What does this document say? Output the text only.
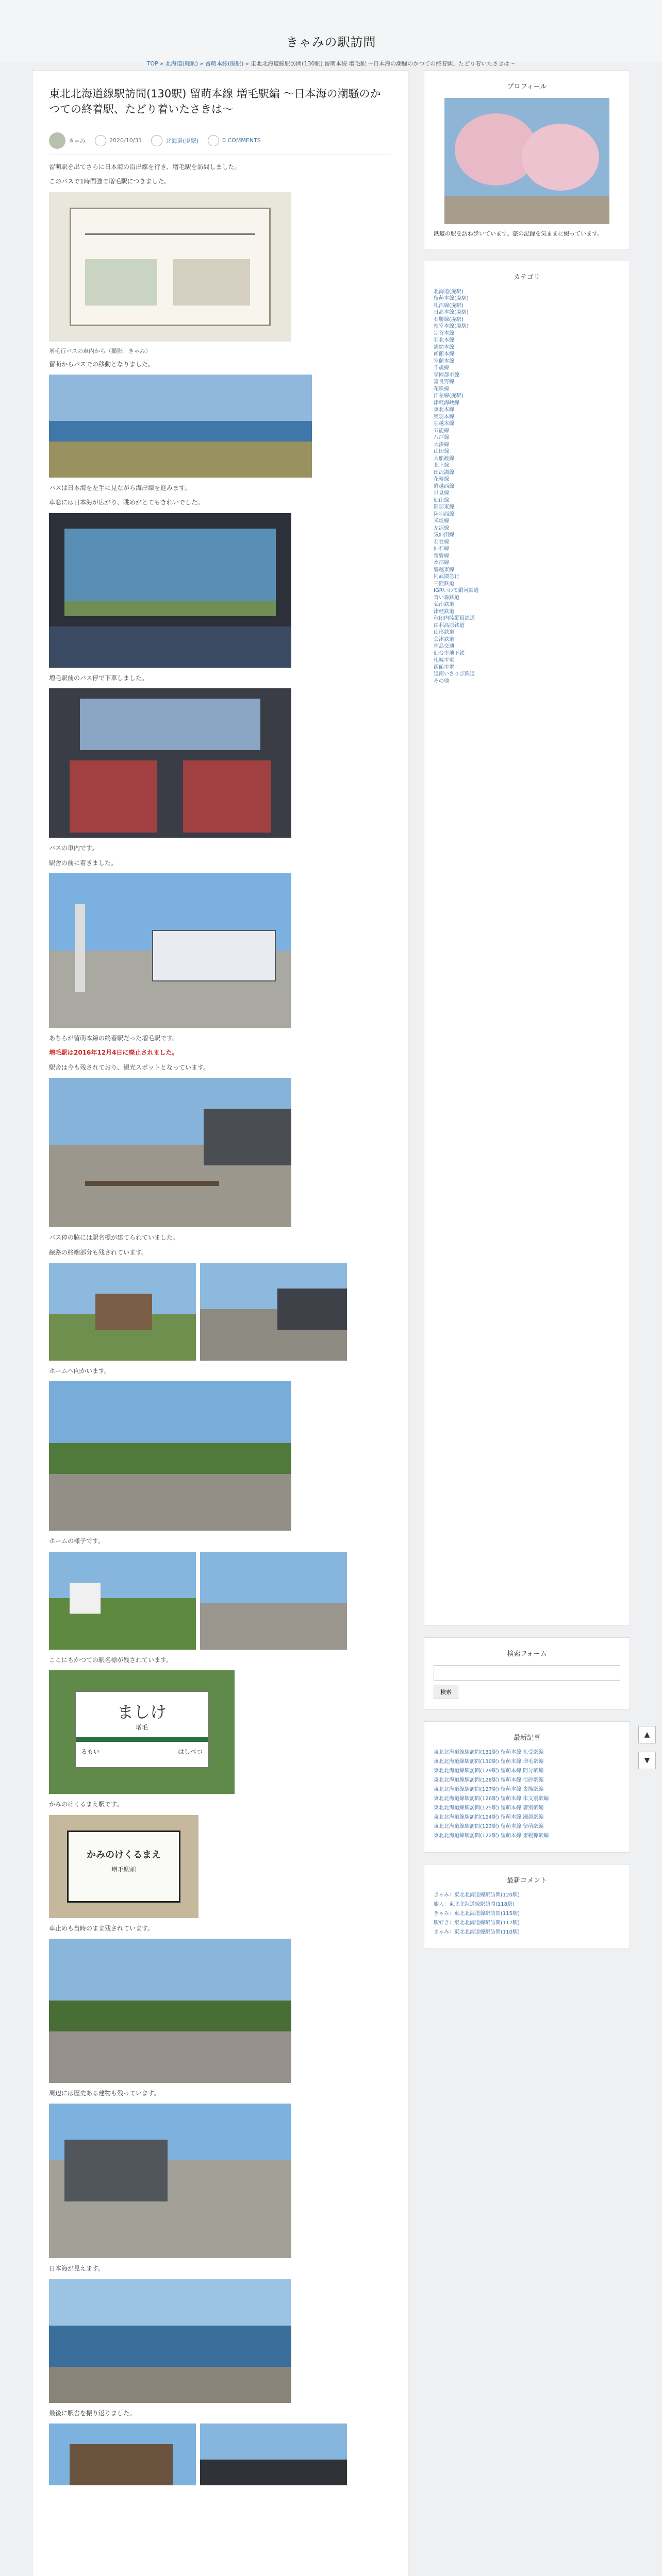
きゃみの駅訪問
TOP » 北海道(廃駅) » 留萌本線(廃駅) » 東北北海道線駅訪問(130駅) 留萌本線 増毛駅 ～日本海の潮騒のかつての終着駅、たどり着いたさきは～
東北北海道線駅訪問(130駅) 留萌本線 増毛駅編 ～日本海の潮騒のかつての終着駅、たどり着いたさきは～
きゃみ	2020/10/31	北海道(廃駅)	0 COMMENTS

留萌駅を出てさらに日本海の沿岸線を行き、増毛駅を訪問しました。

このバスで1時間強で増毛駅につきました。

増毛行バスの車内から（撮影：きゃみ）

留萌からバスでの移動となりました。

バスは日本海を左手に見ながら海岸線を進みます。

車窓には日本海が広がり、眺めがとてもきれいでした。

増毛駅前のバス停で下車しました。

バスの車内です。

駅舎の前に着きました。

あちらが留萌本線の終着駅だった増毛駅です。

増毛駅は2016年12月4日に廃止されました。

駅舎は今も残されており、観光スポットとなっています。

バス停の脇には駅名標が建てられていました。

線路の終端部分も残されています。

ホームへ向かいます。

ホームの様子です。

ここにもかつての駅名標が残されています。

ましけ
増毛
るもい	はしべつ

かみのけくるまえ駅です。

かみのけくるまえ
増毛駅前

車止めも当時のまま残されています。

周辺には歴史ある建物も残っています。

日本海が見えます。

最後に駅舎を振り返りました。

プロフィール

鉄道の駅を訪ね歩いています。旅の記録を気ままに綴っています。

カテゴリ
北海道(廃駅)
留萌本線(廃駅)
札沼線(廃駅)
日高本線(廃駅)
石勝線(廃駅)
根室本線(廃駅)
宗谷本線
石北本線
釧網本線
函館本線
室蘭本線
千歳線
学園都市線
富良野線
花咲線
江差線(廃駅)
津軽海峡線
東北本線
奥羽本線
羽越本線
五能線
八戸線
大湊線
山田線
大船渡線
北上線
田沢湖線
花輪線
磐越西線
只見線
仙山線
陸羽東線
陸羽西線
米坂線
左沢線
気仙沼線
石巻線
仙石線
常磐線
水郡線
磐越東線
阿武隈急行
三陸鉄道
IGRいわて銀河鉄道
青い森鉄道
弘南鉄道
津軽鉄道
秋田内陸縦貫鉄道
由利高原鉄道
山形鉄道
会津鉄道
福島交通
仙台市地下鉄
札幌市電
函館市電
道南いさりび鉄道
その他
検索フォーム
検索
最新記事
東北北海道線駅訪問(131駅) 留萌本線 礼受駅編
東北北海道線駅訪問(130駅) 留萌本線 増毛駅編
東北北海道線駅訪問(129駅) 留萌本線 阿分駅編
東北北海道線駅訪問(128駅) 留萌本線 信砂駅編
東北北海道線駅訪問(127駅) 留萌本線 舎熊駅編
東北北海道線駅訪問(126駅) 留萌本線 朱文別駅編
東北北海道線駅訪問(125駅) 留萌本線 箸別駅編
東北北海道線駅訪問(124駅) 留萌本線 瀬越駅編
東北北海道線駅訪問(123駅) 留萌本線 留萌駅編
東北北海道線駅訪問(122駅) 留萌本線 東幌糠駅編
最新コメント
きゃみ：東北北海道線駅訪問(120駅)
旅人：東北北海道線駅訪問(118駅)
きゃみ：東北北海道線駅訪問(115駅)
駅好き：東北北海道線駅訪問(112駅)
きゃみ：東北北海道線駅訪問(110駅)
▲
▼
